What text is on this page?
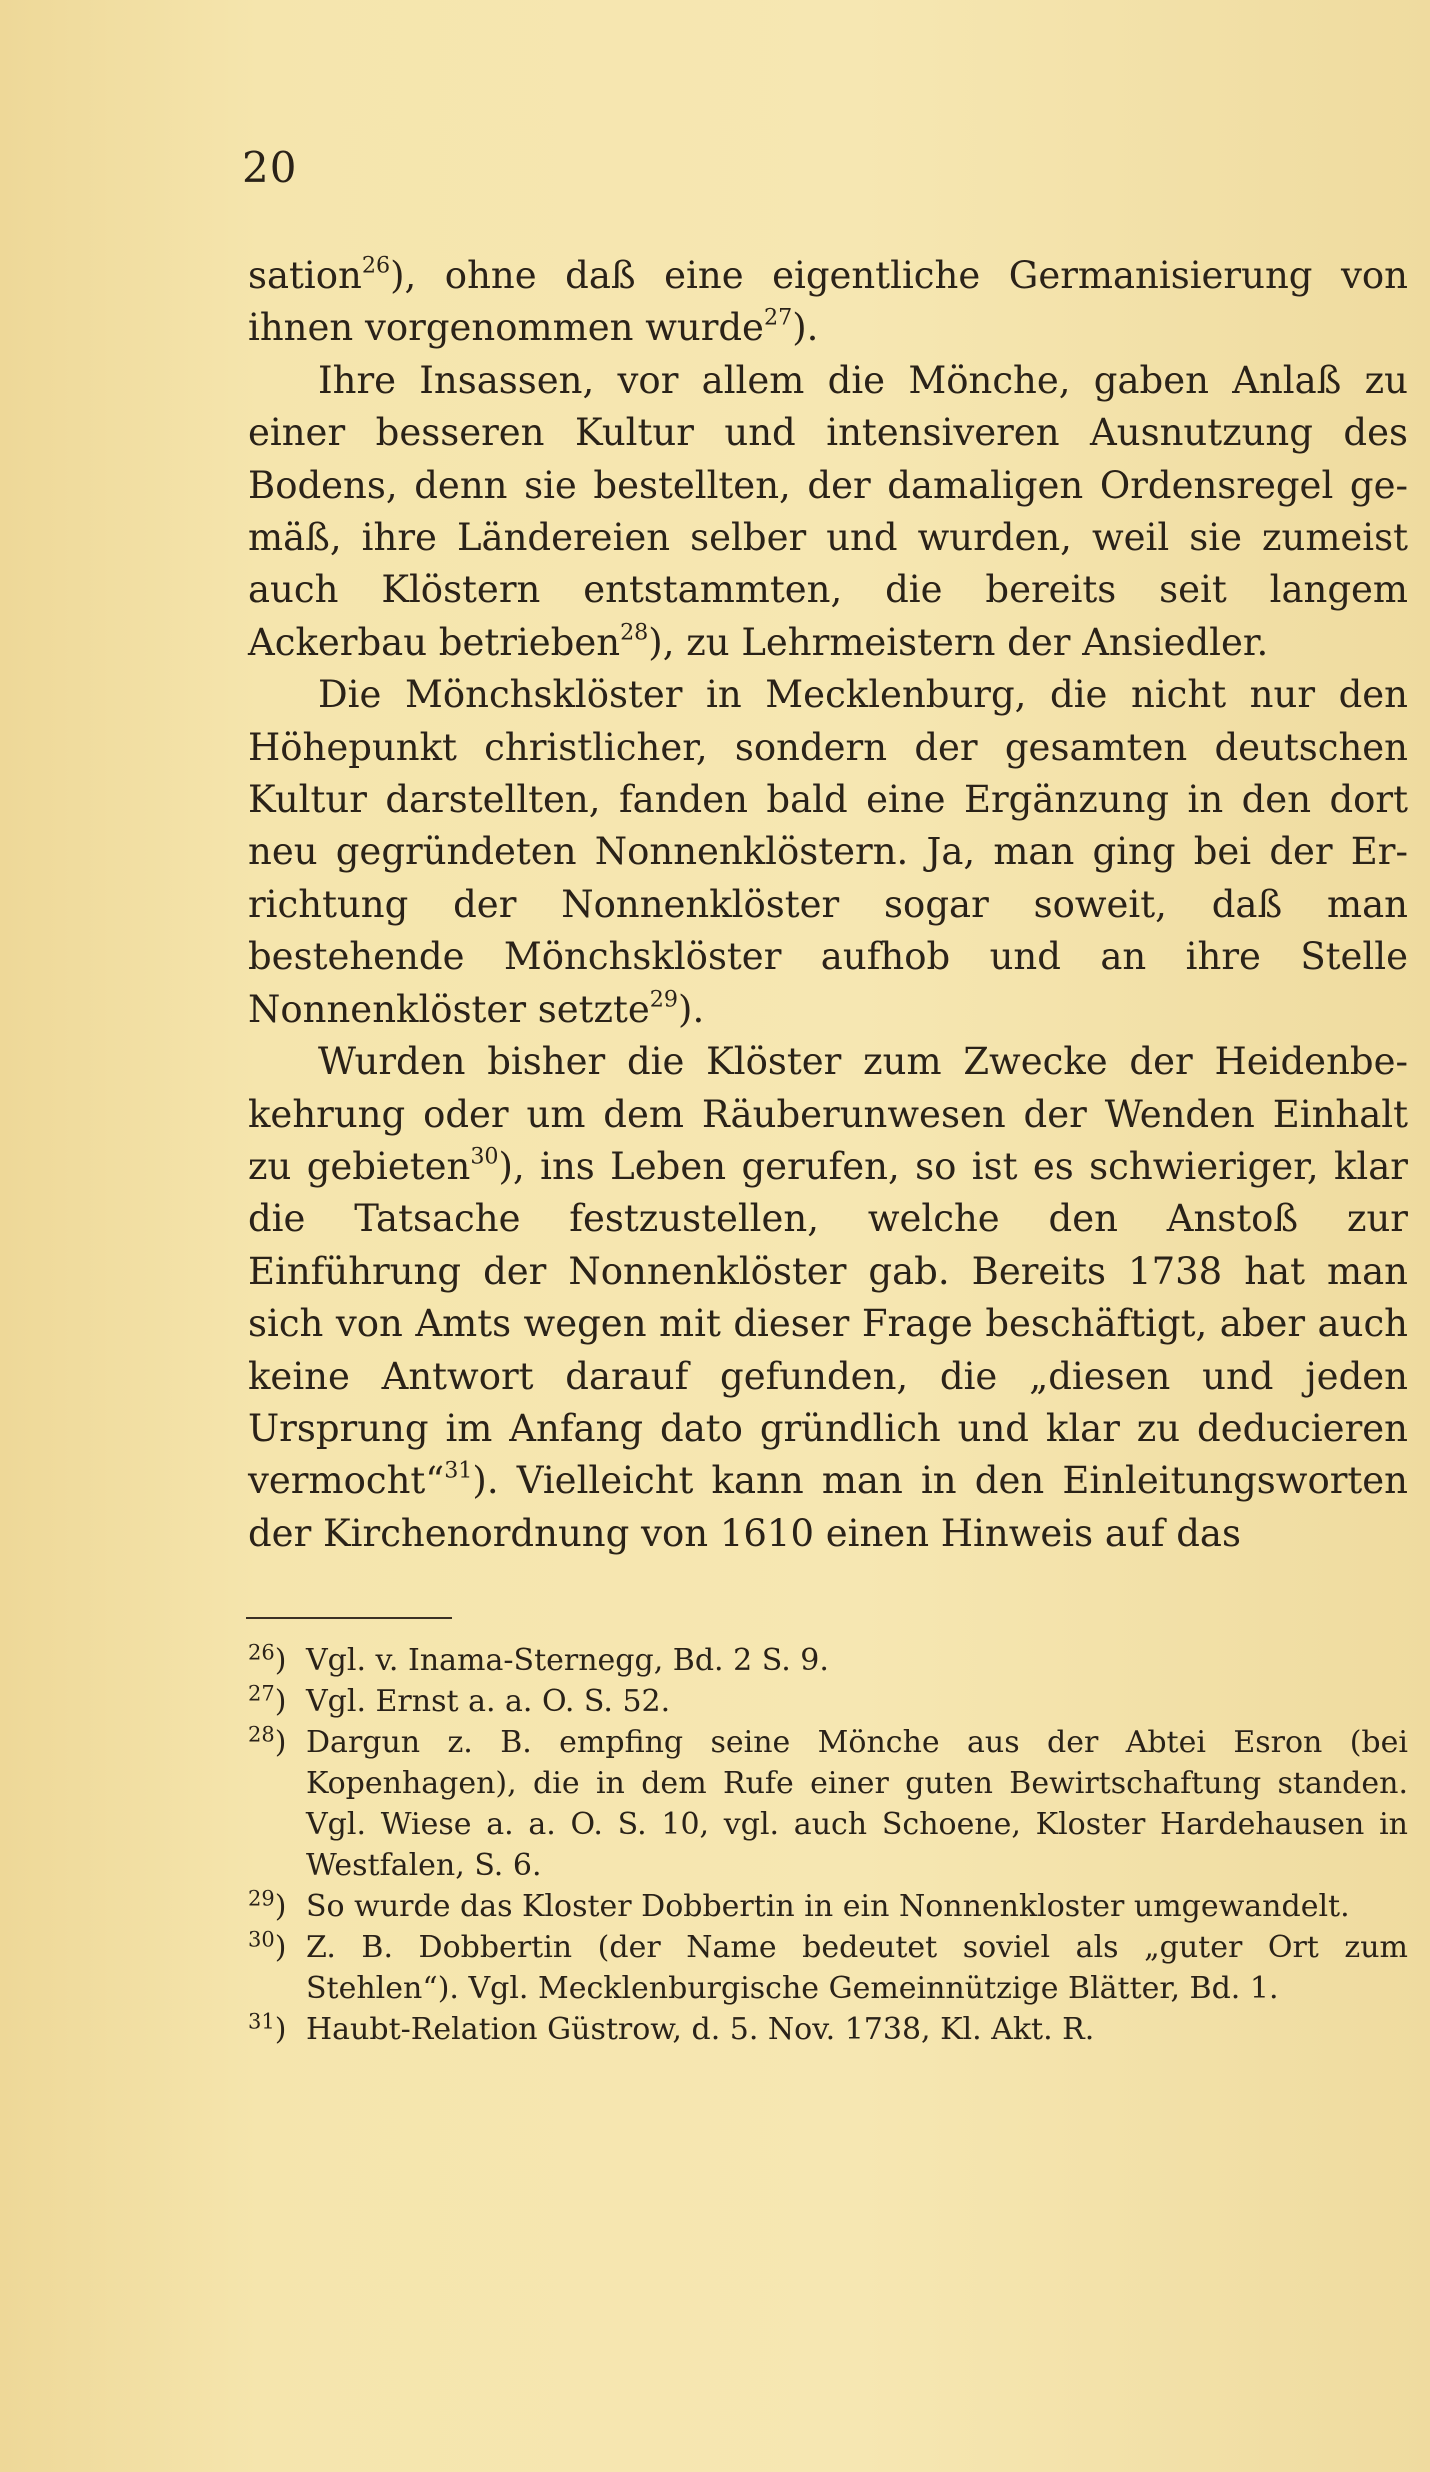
20

sation$^{26}$), ohne daß eine eigentliche Germanisierung von ihnen vorgenommen wurde$^{27}$).

Ihre Insassen, vor allem die Mönche, gaben Anlaß zu einer besseren Kultur und intensiveren Ausnutzung des Bodens, denn sie bestellten, der damaligen Ordensregel gemäß, ihre Ländereien selber und wurden, weil sie zumeist auch Klöstern entstammten, die bereits seit langem Ackerbau betrieben$^{28}$), zu Lehrmeistern der Ansiedler.

Die Mönchsklöster in Mecklenburg, die nicht nur den Höhepunkt christlicher, sondern der gesamten deutschen Kultur darstellten, fanden bald eine Ergänzung in den dort neu gegründeten Nonnenklöstern. Ja, man ging bei der Errichtung der Nonnenklöster sogar soweit, daß man bestehende Mönchsklöster aufhob und an ihre Stelle Nonnenklöster setzte$^{29}$).

Wurden bisher die Klöster zum Zwecke der Heidenbekehrung oder um dem Räuberunwesen der Wenden Einhalt zu gebieten$^{30}$), ins Leben gerufen, so ist es schwieriger, klar die Tatsache festzustellen, welche den Anstoß zur Einführung der Nonnenklöster gab. Bereits 1738 hat man sich von Amts wegen mit dieser Frage beschäftigt, aber auch keine Antwort darauf gefunden, die „diesen und jeden Ursprung im Anfang dato gründlich und klar zu deducieren vermocht“$^{31}$). Vielleicht kann man in den Einleitungsworten der Kirchenordnung von 1610 einen Hinweis auf das

$^{26}$) Vgl. v. Inama-Sternegg, Bd. 2 S. 9.
$^{27}$) Vgl. Ernst a. a. O. S. 52.
$^{28}$) Dargun z. B. empfing seine Mönche aus der Abtei Esron (bei Kopenhagen), die in dem Rufe einer guten Bewirtschaftung standen. Vgl. Wiese a. a. O. S. 10, vgl. auch Schoene, Kloster Hardehausen in Westfalen, S. 6.
$^{29}$) So wurde das Kloster Dobbertin in ein Nonnenkloster umgewandelt.
$^{30}$) Z. B. Dobbertin (der Name bedeutet soviel als „guter Ort zum Stehlen“). Vgl. Mecklenburgische Gemeinnützige Blätter, Bd. 1.
$^{31}$) Haubt-Relation Güstrow, d. 5. Nov. 1738, Kl. Akt. R.
